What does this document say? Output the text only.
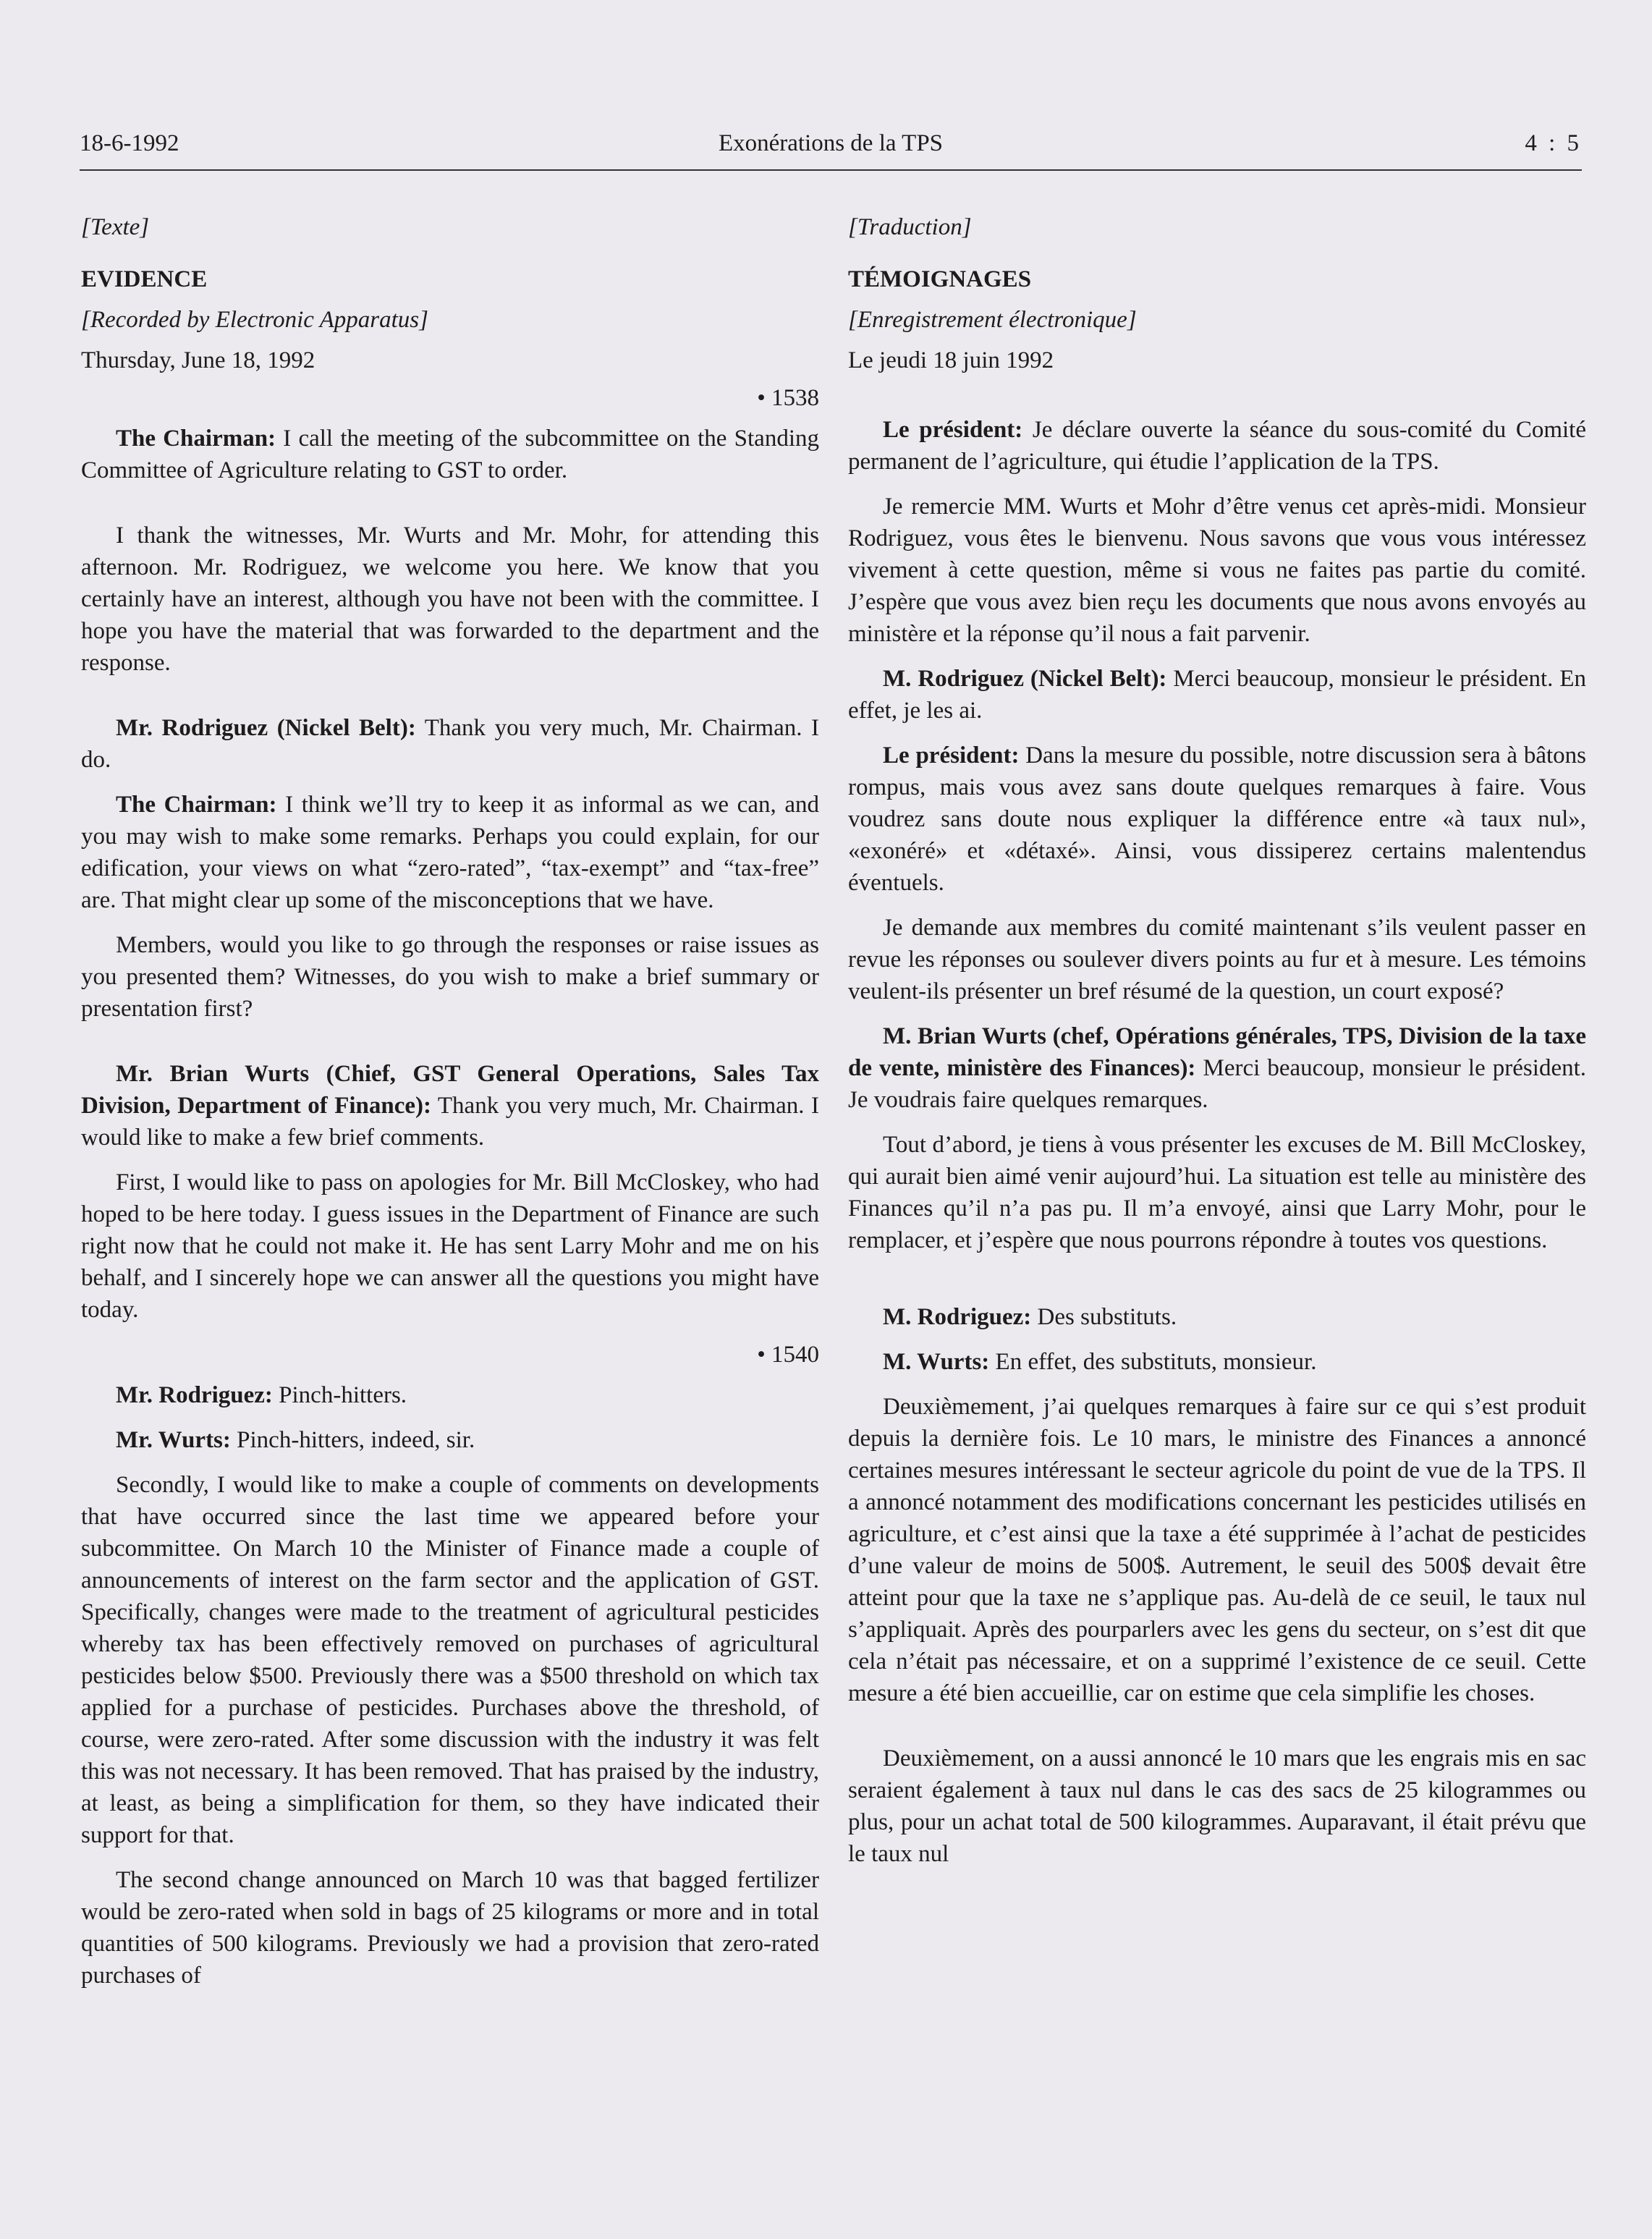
18-6-1992	Exonérations de la TPS	4 : 5
[Texte]
EVIDENCE
[Recorded by Electronic Apparatus]
Thursday, June 18, 1992
• 1538

The Chairman: I call the meeting of the subcommittee on the Standing Committee of Agriculture relating to GST to order.

I thank the witnesses, Mr. Wurts and Mr. Mohr, for attending this afternoon. Mr. Rodriguez, we welcome you here. We know that you certainly have an interest, although you have not been with the committee. I hope you have the material that was forwarded to the department and the response.

Mr. Rodriguez (Nickel Belt): Thank you very much, Mr. Chairman. I do.

The Chairman: I think we’ll try to keep it as informal as we can, and you may wish to make some remarks. Perhaps you could explain, for our edification, your views on what “zero-rated”, “tax-exempt” and “tax-free” are. That might clear up some of the misconceptions that we have.

Members, would you like to go through the responses or raise issues as you presented them? Witnesses, do you wish to make a brief summary or presentation first?

Mr. Brian Wurts (Chief, GST General Operations, Sales Tax Division, Department of Finance): Thank you very much, Mr. Chairman. I would like to make a few brief comments.

First, I would like to pass on apologies for Mr. Bill McCloskey, who had hoped to be here today. I guess issues in the Department of Finance are such right now that he could not make it. He has sent Larry Mohr and me on his behalf, and I sincerely hope we can answer all the questions you might have today.

• 1540

Mr. Rodriguez: Pinch-hitters.

Mr. Wurts: Pinch-hitters, indeed, sir.

Secondly, I would like to make a couple of comments on developments that have occurred since the last time we appeared before your subcommittee. On March 10 the Minister of Finance made a couple of announcements of interest on the farm sector and the application of GST. Specifically, changes were made to the treatment of agricultural pesticides whereby tax has been effectively removed on purchases of agricultural pesticides below $500. Previously there was a $500 threshold on which tax applied for a purchase of pesticides. Purchases above the threshold, of course, were zero-rated. After some discussion with the industry it was felt this was not necessary. It has been removed. That has praised by the industry, at least, as being a simplification for them, so they have indicated their support for that.

The second change announced on March 10 was that bagged fertilizer would be zero-rated when sold in bags of 25 kilograms or more and in total quantities of 500 kilograms. Previously we had a provision that zero-rated purchases of

[Traduction]
TÉMOIGNAGES
[Enregistrement électronique]
Le jeudi 18 juin 1992

Le président: Je déclare ouverte la séance du sous-comité du Comité permanent de l’agriculture, qui étudie l’application de la TPS.

Je remercie MM. Wurts et Mohr d’être venus cet après-midi. Monsieur Rodriguez, vous êtes le bienvenu. Nous savons que vous vous intéressez vivement à cette question, même si vous ne faites pas partie du comité. J’espère que vous avez bien reçu les documents que nous avons envoyés au ministère et la réponse qu’il nous a fait parvenir.

M. Rodriguez (Nickel Belt): Merci beaucoup, monsieur le président. En effet, je les ai.

Le président: Dans la mesure du possible, notre discussion sera à bâtons rompus, mais vous avez sans doute quelques remarques à faire. Vous voudrez sans doute nous expliquer la différence entre «à taux nul», «exonéré» et «détaxé». Ainsi, vous dissiperez certains malentendus éventuels.

Je demande aux membres du comité maintenant s’ils veulent passer en revue les réponses ou soulever divers points au fur et à mesure. Les témoins veulent-ils présenter un bref résumé de la question, un court exposé?

M. Brian Wurts (chef, Opérations générales, TPS, Division de la taxe de vente, ministère des Finances): Merci beaucoup, monsieur le président. Je voudrais faire quelques remarques.

Tout d’abord, je tiens à vous présenter les excuses de M. Bill McCloskey, qui aurait bien aimé venir aujourd’hui. La situation est telle au ministère des Finances qu’il n’a pas pu. Il m’a envoyé, ainsi que Larry Mohr, pour le remplacer, et j’espère que nous pourrons répondre à toutes vos questions.

M. Rodriguez: Des substituts.

M. Wurts: En effet, des substituts, monsieur.

Deuxièmement, j’ai quelques remarques à faire sur ce qui s’est produit depuis la dernière fois. Le 10 mars, le ministre des Finances a annoncé certaines mesures intéressant le secteur agricole du point de vue de la TPS. Il a annoncé notamment des modifications concernant les pesticides utilisés en agriculture, et c’est ainsi que la taxe a été supprimée à l’achat de pesticides d’une valeur de moins de 500$. Autrement, le seuil des 500$ devait être atteint pour que la taxe ne s’applique pas. Au-delà de ce seuil, le taux nul s’appliquait. Après des pourparlers avec les gens du secteur, on s’est dit que cela n’était pas nécessaire, et on a supprimé l’existence de ce seuil. Cette mesure a été bien accueillie, car on estime que cela simplifie les choses.

Deuxièmement, on a aussi annoncé le 10 mars que les engrais mis en sac seraient également à taux nul dans le cas des sacs de 25 kilogrammes ou plus, pour un achat total de 500 kilogrammes. Auparavant, il était prévu que le taux nul
